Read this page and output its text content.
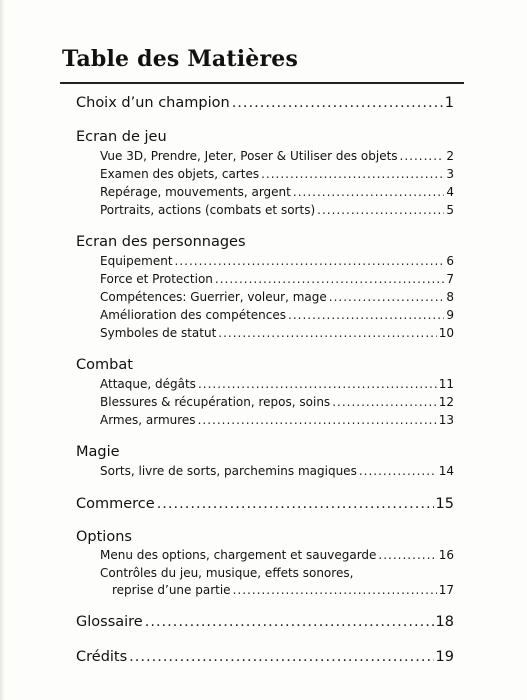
Table des Matières
Choix d’un champion .....	1
Ecran de jeu
Vue 3D, Prendre, Jeter, Poser & Utiliser des objets .....	2
Examen des objets, cartes .....	3
Repérage, mouvements, argent .....	4
Portraits, actions (combats et sorts) .....	5
Ecran des personnages
Equipement .....	6
Force et Protection .....	7
Compétences: Guerrier, voleur, mage .....	8
Amélioration des compétences .....	9
Symboles de statut .....	10
Combat
Attaque, dégâts .....	11
Blessures & récupération, repos, soins .....	12
Armes, armures .....	13
Magie
Sorts, livre de sorts, parchemins magiques .....	14
Commerce .....	15
Options
Menu des options, chargement et sauvegarde .....	16
Contrôles du jeu, musique, effets sonores,
reprise d’une partie .....	17
Glossaire .....	18
Crédits .....	19
